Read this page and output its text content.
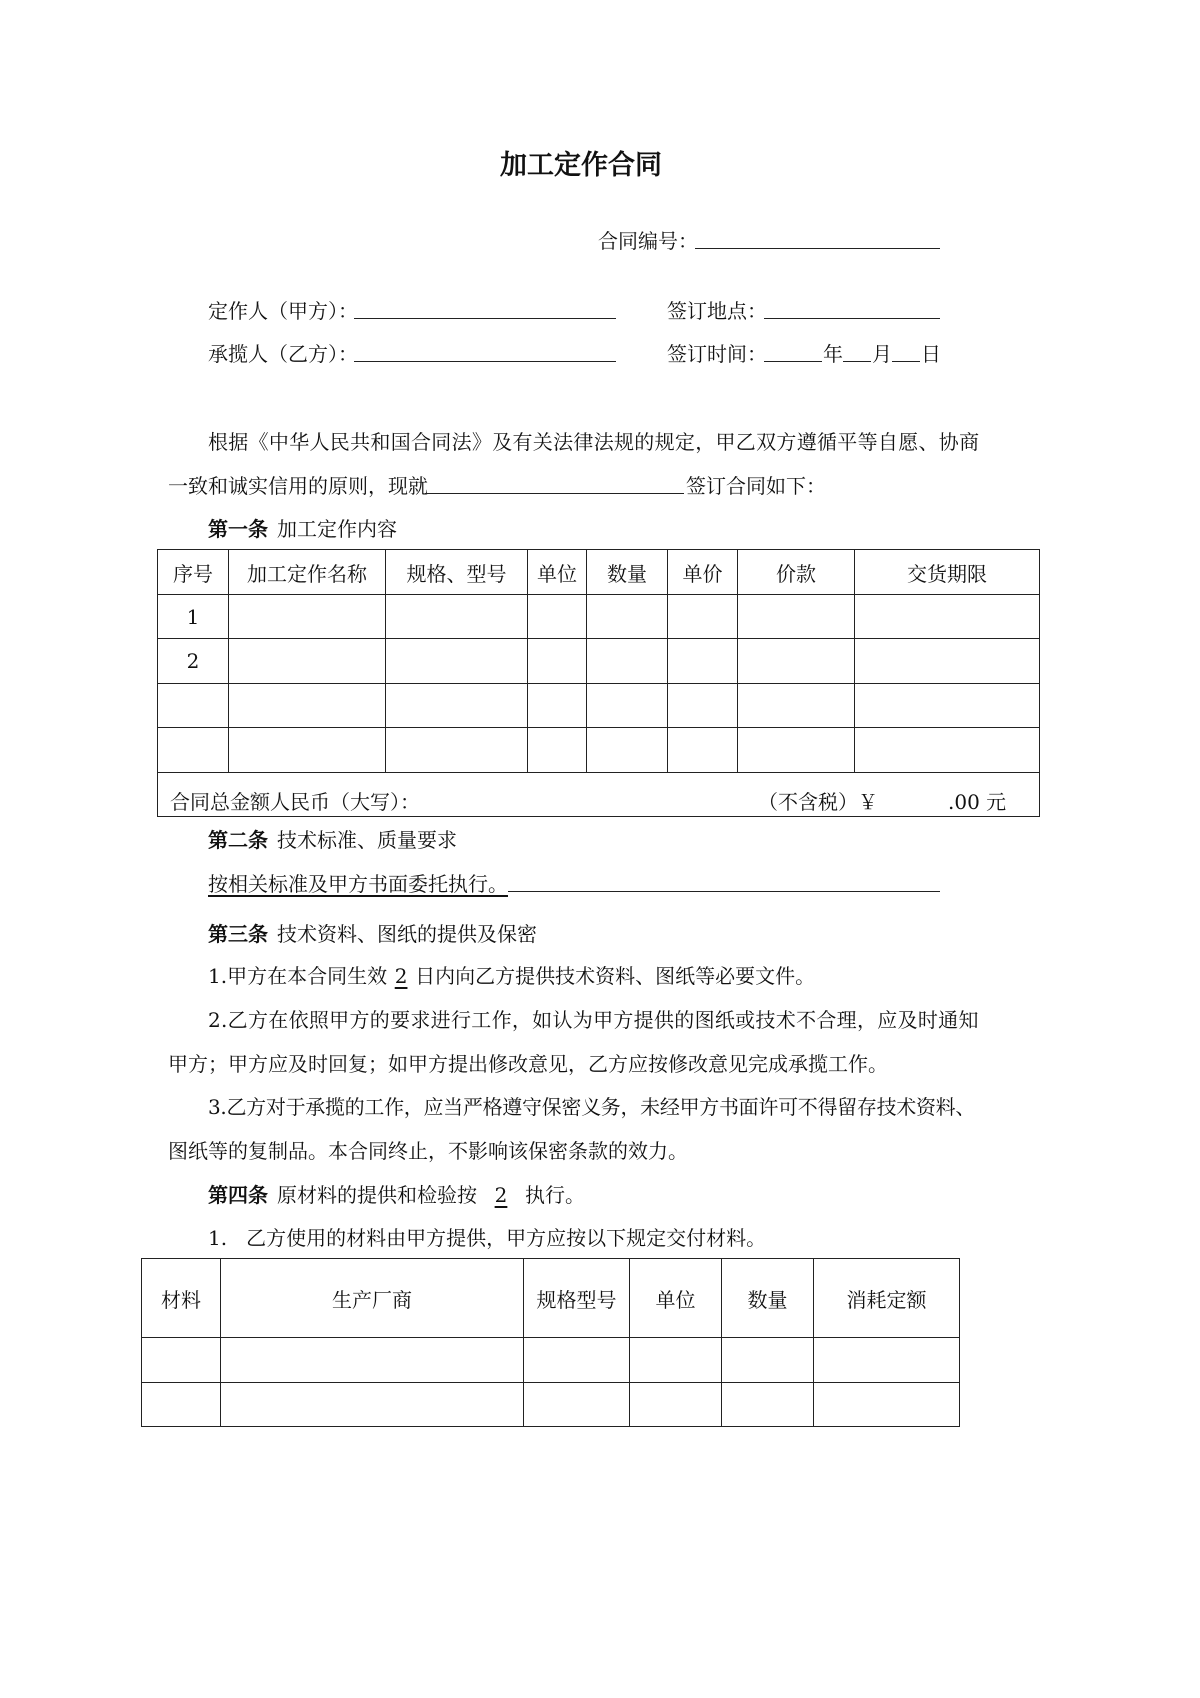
加工定作合同
合同编号：
定作人（甲方）：	签订地点：
承揽人（乙方）：	签订时间：	年 月 日
根据《中华人民共和国合同法》及有关法律法规的规定，甲乙双方遵循平等自愿、协商
一致和诚实信用的原则，现就	签订合同如下：
第一条 加工定作内容
序号	加工定作名称	规格、型号	单位	数量	单价	价款	交货期限
1							
2							

合同总金额人民币（大写）： （不含税）￥ .00 元							
第二条 技术标准、质量要求
按相关标准及甲方书面委托执行。
第三条 技术资料、图纸的提供及保密
1.甲方在本合同生效 2 日内向乙方提供技术资料、图纸等必要文件。
2.乙方在依照甲方的要求进行工作，如认为甲方提供的图纸或技术不合理，应及时通知
甲方；甲方应及时回复；如甲方提出修改意见，乙方应按修改意见完成承揽工作。
3.乙方对于承揽的工作，应当严格遵守保密义务，未经甲方书面许可不得留存技术资料、
图纸等的复制品。本合同终止，不影响该保密条款的效力。
第四条 原材料的提供和检验按 2 执行。
1.   乙方使用的材料由甲方提供，甲方应按以下规定交付材料。
材料	生产厂商	规格型号	单位	数量	消耗定额
